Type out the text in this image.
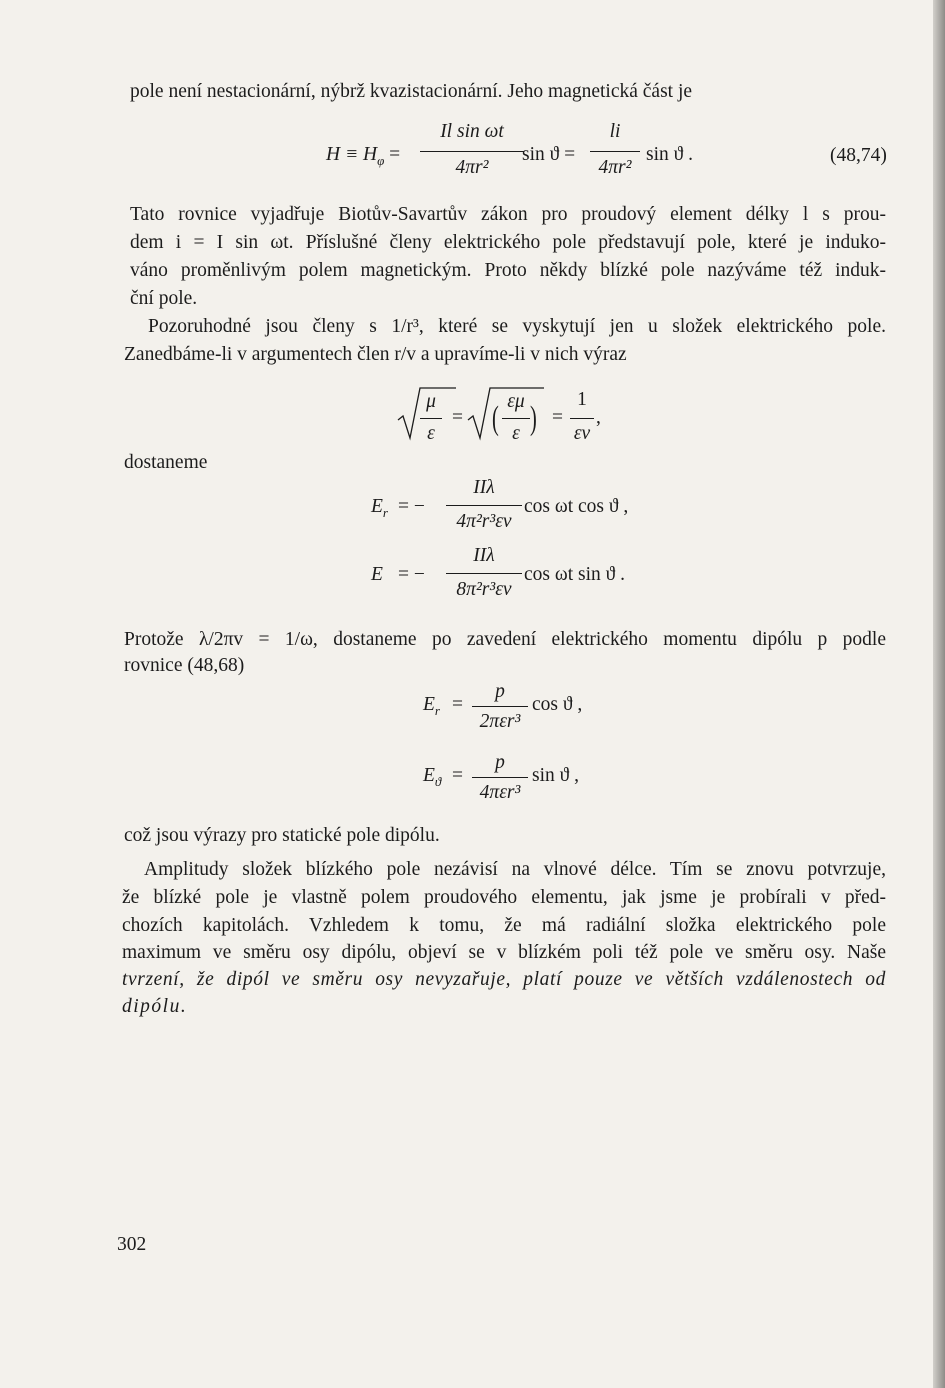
pole není nestacionární, nýbrž kvazistacionární. Jeho magnetická část je
$H \equiv H_\varphi$ =
Il sin ωt
4πr²
sin ϑ =
li
4πr²
sin ϑ .	(48,74)
Tato rovnice vyjadřuje Biotův-Savartův zákon pro proudový element délky l s prou-
dem i = I sin ωt. Příslušné členy elektrického pole představují pole, které je induko-
váno proměnlivým polem magnetickým. Proto někdy blízké pole nazýváme též induk-
ční pole.
Pozoruhodné jsou členy s 1/r³, které se vyskytují jen u složek elektrického pole.
Zanedbáme-li v argumentech člen r/v a upravíme-li v nich výraz
μ
ε
= ( εμ
ε ) =
1
εv
,
dostaneme
$E_r$ = −
IIλ
4π²r³εv
cos ωt cos ϑ ,
E = −
IIλ
8π²r³εv
cos ωt sin ϑ .
Protože λ/2πv = 1/ω, dostaneme po zavedení elektrického momentu dipólu p podle
rovnice (48,68)
$E_r$ =
p
2πεr³
cos ϑ ,
$E_ϑ$ =
p
4πεr³
sin ϑ ,
což jsou výrazy pro statické pole dipólu.
Amplitudy složek blízkého pole nezávisí na vlnové délce. Tím se znovu potvrzuje,
že blízké pole je vlastně polem proudového elementu, jak jsme je probírali v před-
chozích kapitolách. Vzhledem k tomu, že má radiální složka elektrického pole
maximum ve směru osy dipólu, objeví se v blízkém poli též pole ve směru osy. Naše
tvrzení, že dipól ve směru osy nevyzařuje, platí pouze ve větších vzdálenostech od
dipólu.
302
